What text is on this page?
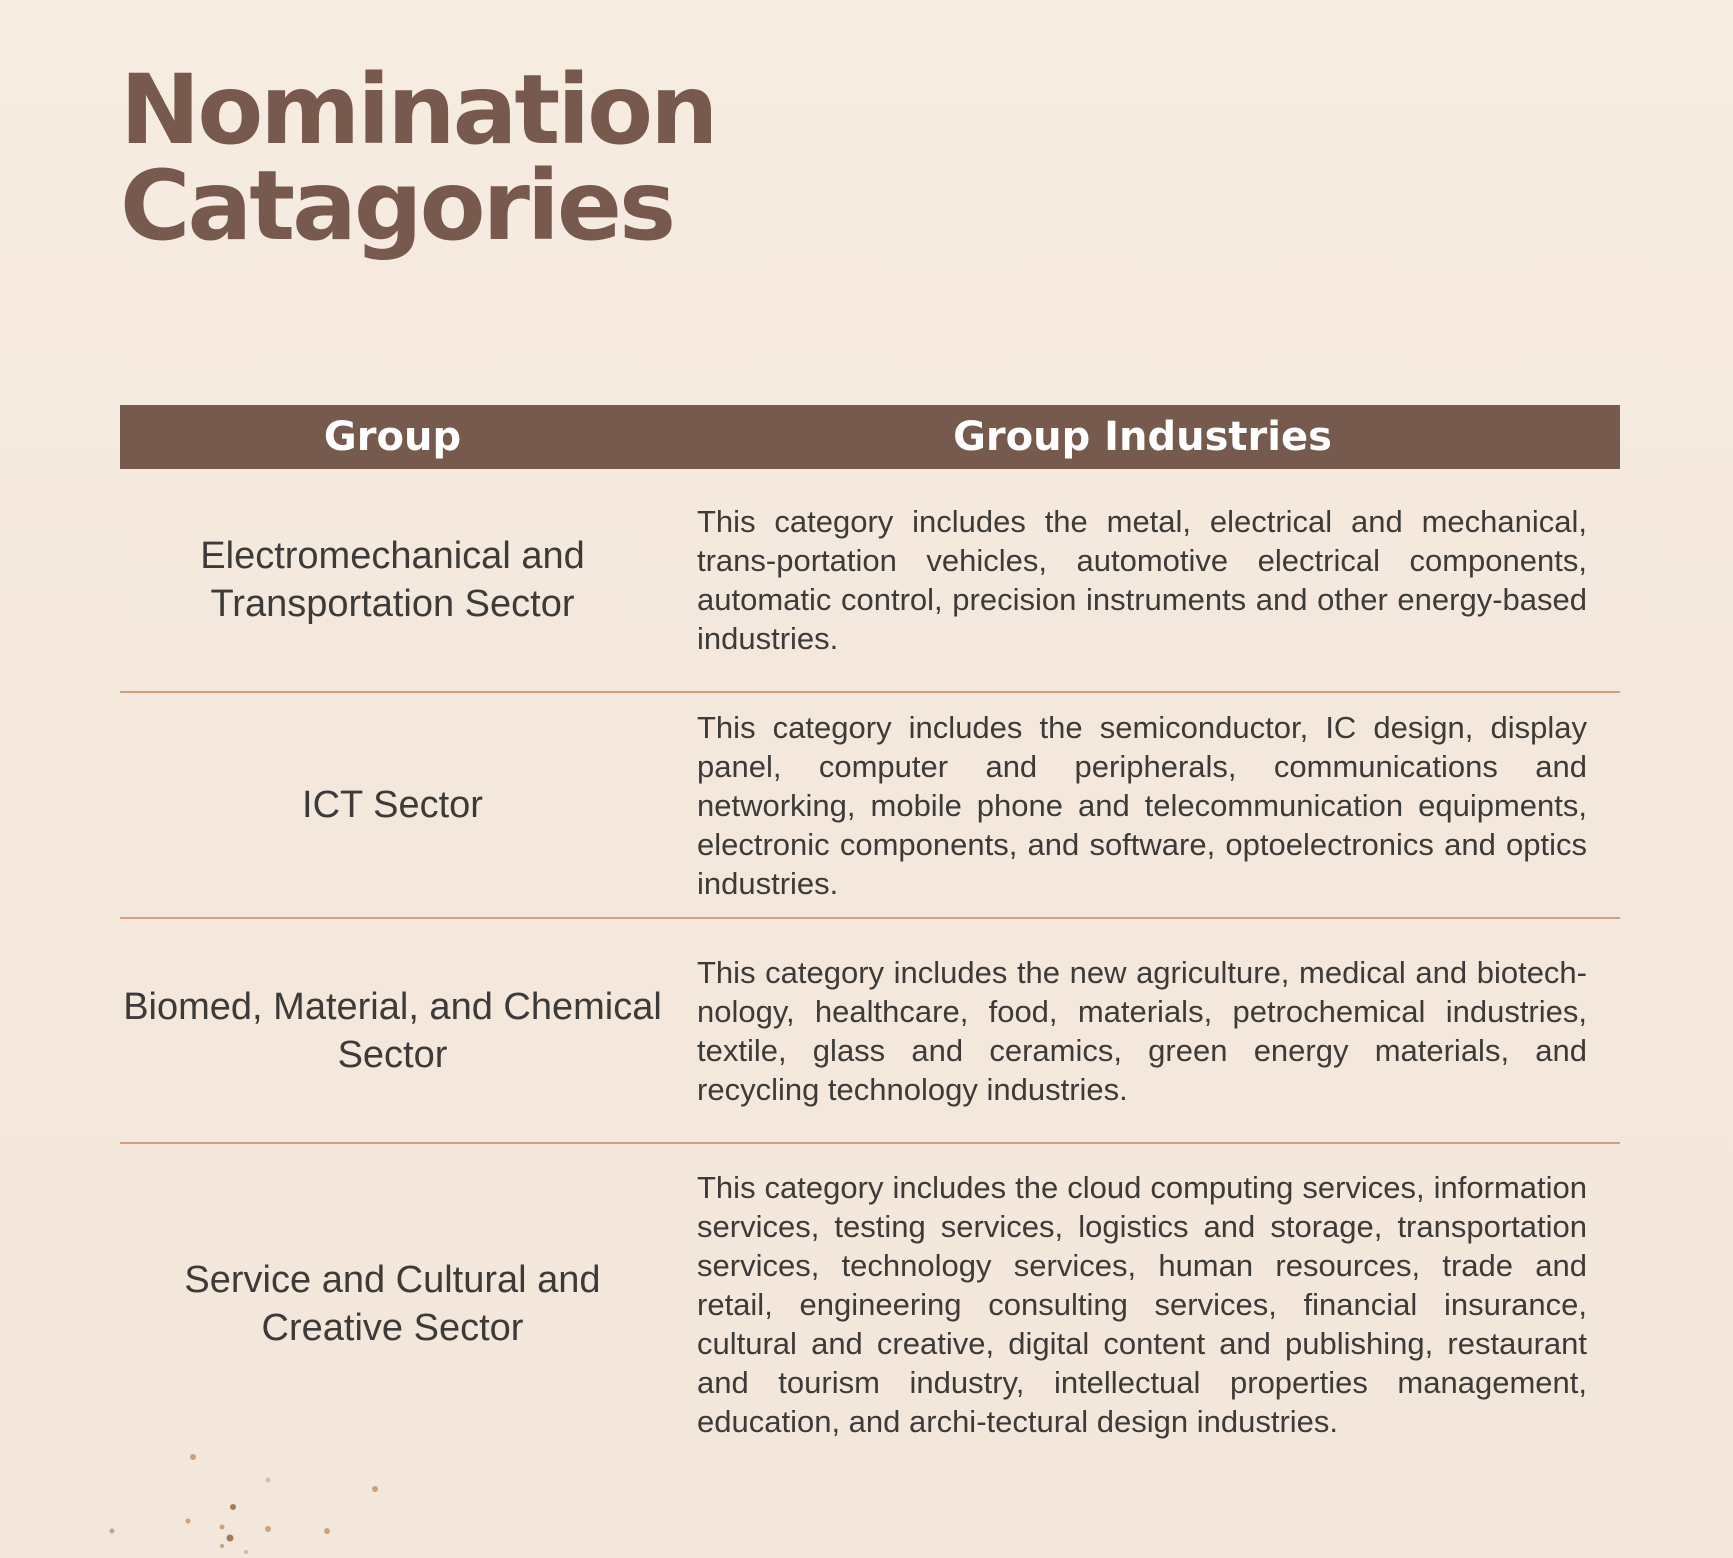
Nomination
Catagories
Group	Group Industries
Electromechanical and Transportation Sector
This category includes the metal, electrical and mechanical, trans-portation vehicles, automotive electrical components, automatic control, precision instruments and other energy-based industries.
ICT Sector
This category includes the semiconductor, IC design, display panel, computer and peripherals, communications and networking, mobile phone and telecommunication equipments, electronic components, and software, optoelectronics and optics industries.
Biomed, Material, and Chemical Sector
This category includes the new agriculture, medical and biotech-nology, healthcare, food, materials, petrochemical industries, textile, glass and ceramics, green energy materials, and recycling technology industries.
Service and Cultural and Creative Sector
This category includes the cloud computing services, information services, testing services, logistics and storage, transportation services, technology services, human resources, trade and retail, engineering consulting services, financial insurance, cultural and creative, digital content and publishing, restaurant and tourism industry, intellectual properties management, education, and archi-tectural design industries.
